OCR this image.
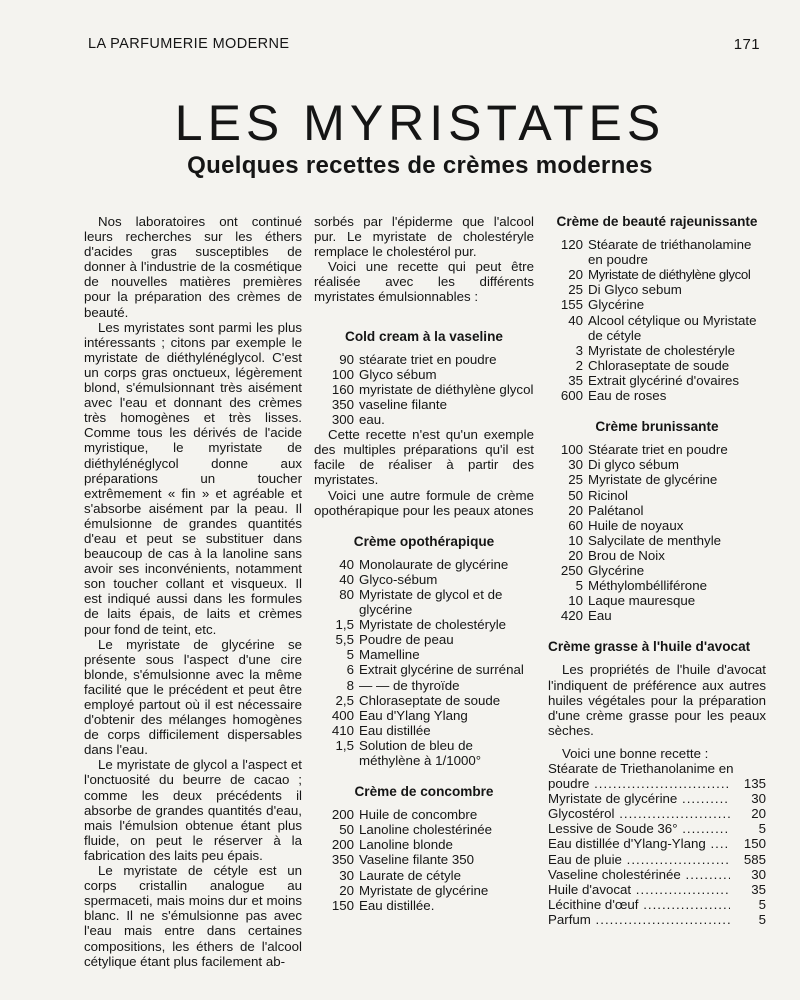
LA PARFUMERIE MODERNE	171
LES MYRISTATES
Quelques recettes de crèmes modernes

Nos laboratoires ont continué leurs recherches sur les éthers d'acides gras susceptibles de donner à l'industrie de la cosmétique de nouvelles matières premières pour la préparation des crèmes de beauté.

Les myristates sont parmi les plus intéressants ; citons par exemple le myristate de diéthylénéglycol. C'est un corps gras onctueux, légèrement blond, s'émulsionnant très aisément avec l'eau et donnant des crèmes très homogènes et très lisses. Comme tous les dérivés de l'acide myristique, le myristate de diéthylénéglycol donne aux préparations un toucher extrêmement « fin » et agréable et s'absorbe aisément par la peau. Il émulsionne de grandes quantités d'eau et peut se substituer dans beaucoup de cas à la lanoline sans avoir ses inconvénients, notamment son toucher collant et visqueux. Il est indiqué aussi dans les formules de laits épais, de laits et crèmes pour fond de teint, etc.

Le myristate de glycérine se présente sous l'aspect d'une cire blonde, s'émulsionne avec la même facilité que le précédent et peut être employé partout où il est nécessaire d'obtenir des mélanges homogènes de corps difficilement dispersables dans l'eau.

Le myristate de glycol a l'aspect et l'onctuosité du beurre de cacao ; comme les deux précédents il absorbe de grandes quantités d'eau, mais l'émulsion obtenue étant plus fluide, on peut le réserver à la fabrication des laits peu épais.

Le myristate de cétyle est un corps cristallin analogue au spermaceti, mais moins dur et moins blanc. Il ne s'émulsionne pas avec l'eau mais entre dans certaines compositions, les éthers de l'alcool cétylique étant plus facilement ab-

sorbés par l'épiderme que l'alcool pur. Le myristate de cholestéryle remplace le cholestérol pur.

Voici une recette qui peut être réalisée avec les différents myristates émulsionnables :

Cold cream à la vaseline
90 stéarate triet en poudre
100 Glyco sébum
160 myristate de diéthylène glycol
350 vaseline filante
300 eau.

Cette recette n'est qu'un exemple des multiples préparations qu'il est facile de réaliser à partir des myristates.

Voici une autre formule de crème opothérapique pour les peaux atones

Crème opothérapique
40 Monolaurate de glycérine
40 Glyco-sébum
80 Myristate de glycol et de glycérine
1,5 Myristate de cholestéryle
5,5 Poudre de peau
5 Mamelline
6 Extrait glycérine de surrénal
8 — — de thyroïde
2,5 Chloraseptate de soude
400 Eau d'Ylang Ylang
410 Eau distillée
1,5 Solution de bleu de méthylène à 1/1000°
Crème de concombre
200 Huile de concombre
50 Lanoline cholestérinée
200 Lanoline blonde
350 Vaseline filante 350
30 Laurate de cétyle
20 Myristate de glycérine
150 Eau distillée.
Crème de beauté rajeunissante
120 Stéarate de triéthanolamine en poudre
20 Myristate de diéthylène glycol
25 Di Glyco sebum
155 Glycérine
40 Alcool cétylique ou Myristate de cétyle
3 Myristate de cholestéryle
2 Chloraseptate de soude
35 Extrait glycériné d'ovaires
600 Eau de roses
Crème brunissante
100 Stéarate triet en poudre
30 Di glyco sébum
25 Myristate de glycérine
50 Ricinol
20 Palétanol
60 Huile de noyaux
10 Salycilate de menthyle
20 Brou de Noix
250 Glycérine
5 Méthylombélliférone
10 Laque mauresque
420 Eau
Crème grasse à l'huile d'avocat

Les propriétés de l'huile d'avocat l'indiquent de préférence aux autres huiles végétales pour la préparation d'une crème grasse pour les peaux sèches.

Voici une bonne recette :

Stéarate de Triethanolanime en
poudre .....	135
Myristate de glycérine .....	30
Glycostérol .....	20
Lessive de Soude 36° .....	5
Eau distillée d'Ylang-Ylang .....	150
Eau de pluie .....	585
Vaseline cholestérinée .....	30
Huile d'avocat .....	35
Lécithine d'œuf .....	5
Parfum .....	5
